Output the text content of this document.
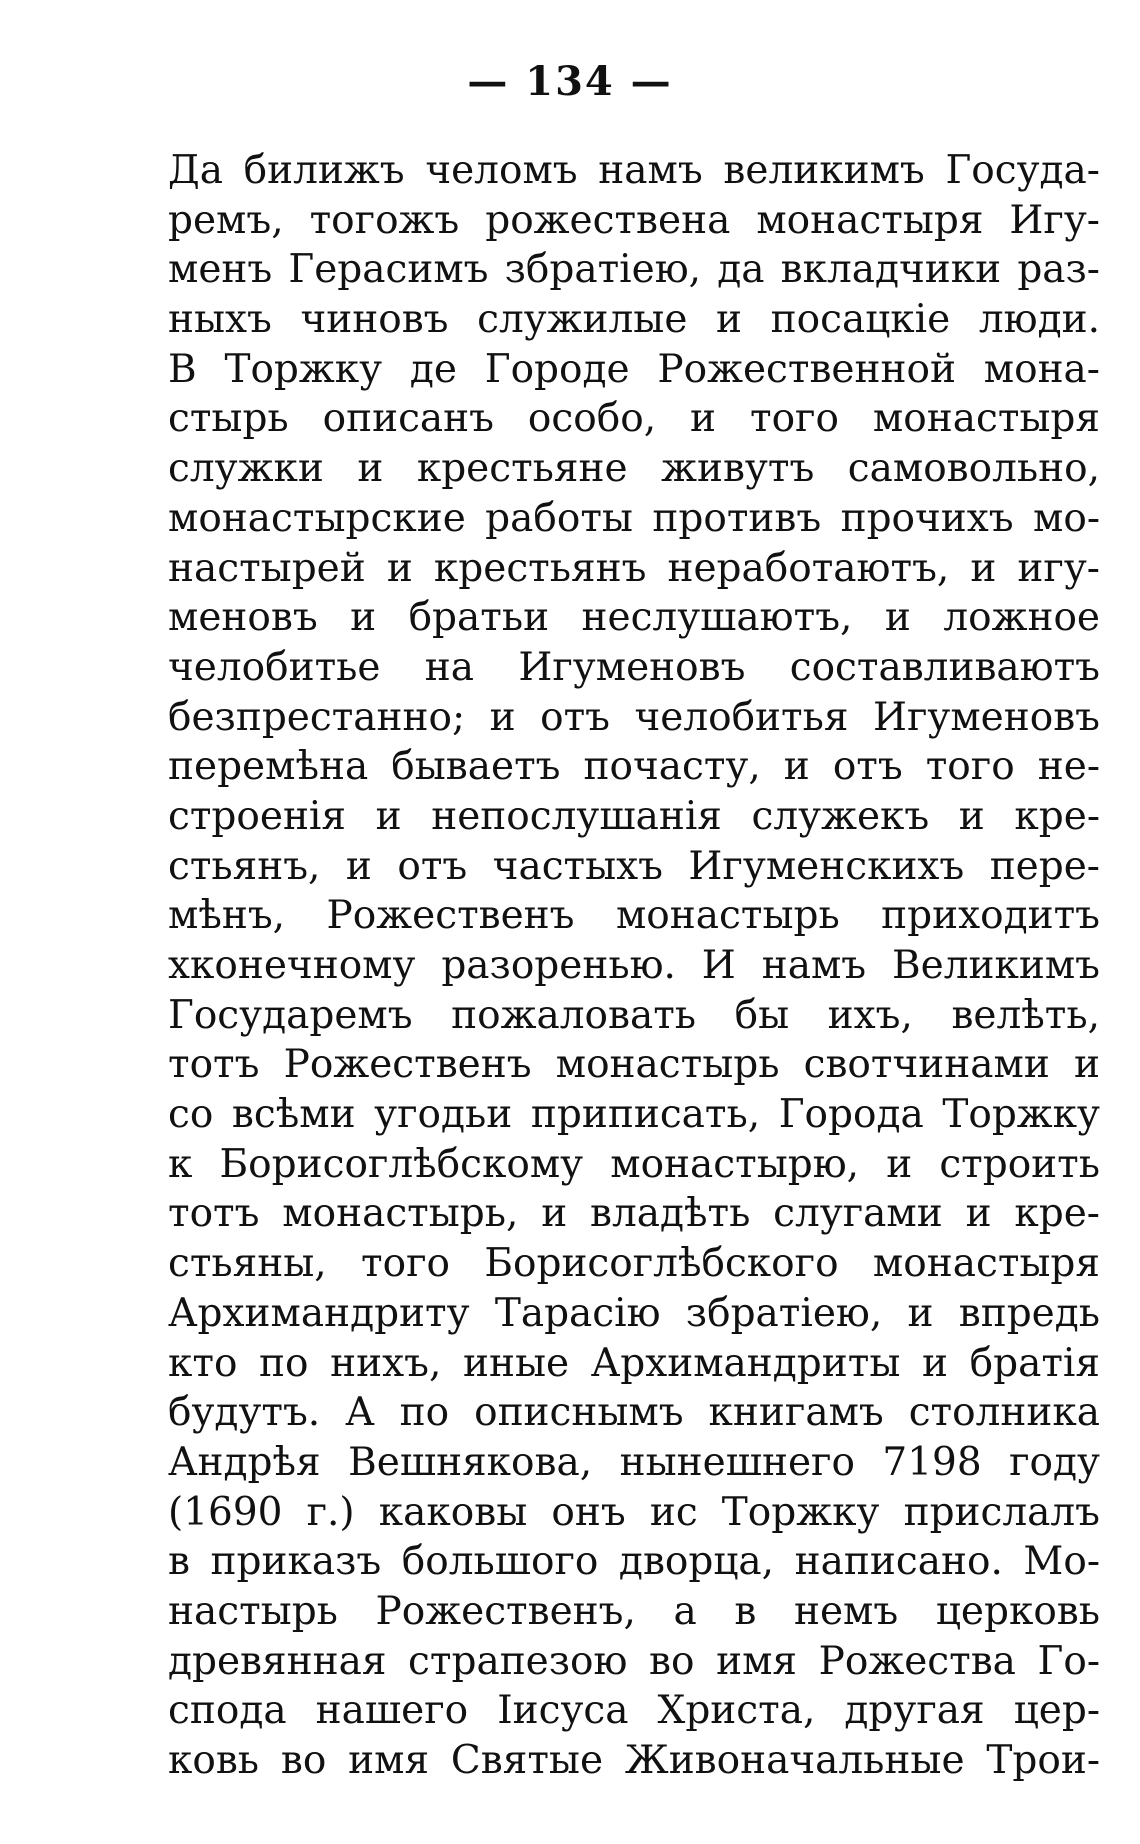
— 134 —
Да билижъ челомъ намъ великимъ Госуда-
ремъ, тогожъ рожествена монастыря Игу-
менъ Герасимъ збратiею, да вкладчики раз-
ныхъ чиновъ служилые и посацкiе люди.
В Торжку де Городе Рожественной мона-
стырь описанъ особо, и того монастыря
служки и крестьяне живутъ самовольно,
монастырские работы противъ прочихъ мо-
настырей и крестьянъ неработаютъ, и игу-
меновъ и братьи неслушаютъ, и ложное
челобитье на Игуменовъ составливаютъ
безпрестанно; и отъ челобитья Игуменовъ
перемѣна бываетъ почасту, и отъ того не-
строенiя и непослушанiя служекъ и кре-
стьянъ, и отъ частыхъ Игуменскихъ пере-
мѣнъ, Рожественъ монастырь приходитъ
хконечному разоренью. И намъ Великимъ
Государемъ пожаловать бы ихъ, велѣть,
тотъ Рожественъ монастырь свотчинами и
со всѣми угодьи приписать, Города Торжку
к Борисоглѣбскому монастырю, и строить
тотъ монастырь, и владѣть слугами и кре-
стьяны, того Борисоглѣбского монастыря
Архимандриту Тарасiю збратiею, и впредь
кто по нихъ, иные Архимандриты и братiя
будутъ. А по описнымъ книгамъ столника
Андрѣя Вешнякова, нынешнего 7198 году
(1690 г.) каковы онъ ис Торжку прислалъ
в приказъ большого дворца, написано. Мо-
настырь Рожественъ, а в немъ церковь
древянная страпезою во имя Рожества Го-
спода нашего Iисуса Христа, другая цер-
ковь во имя Святые Живоначальные Трои-
